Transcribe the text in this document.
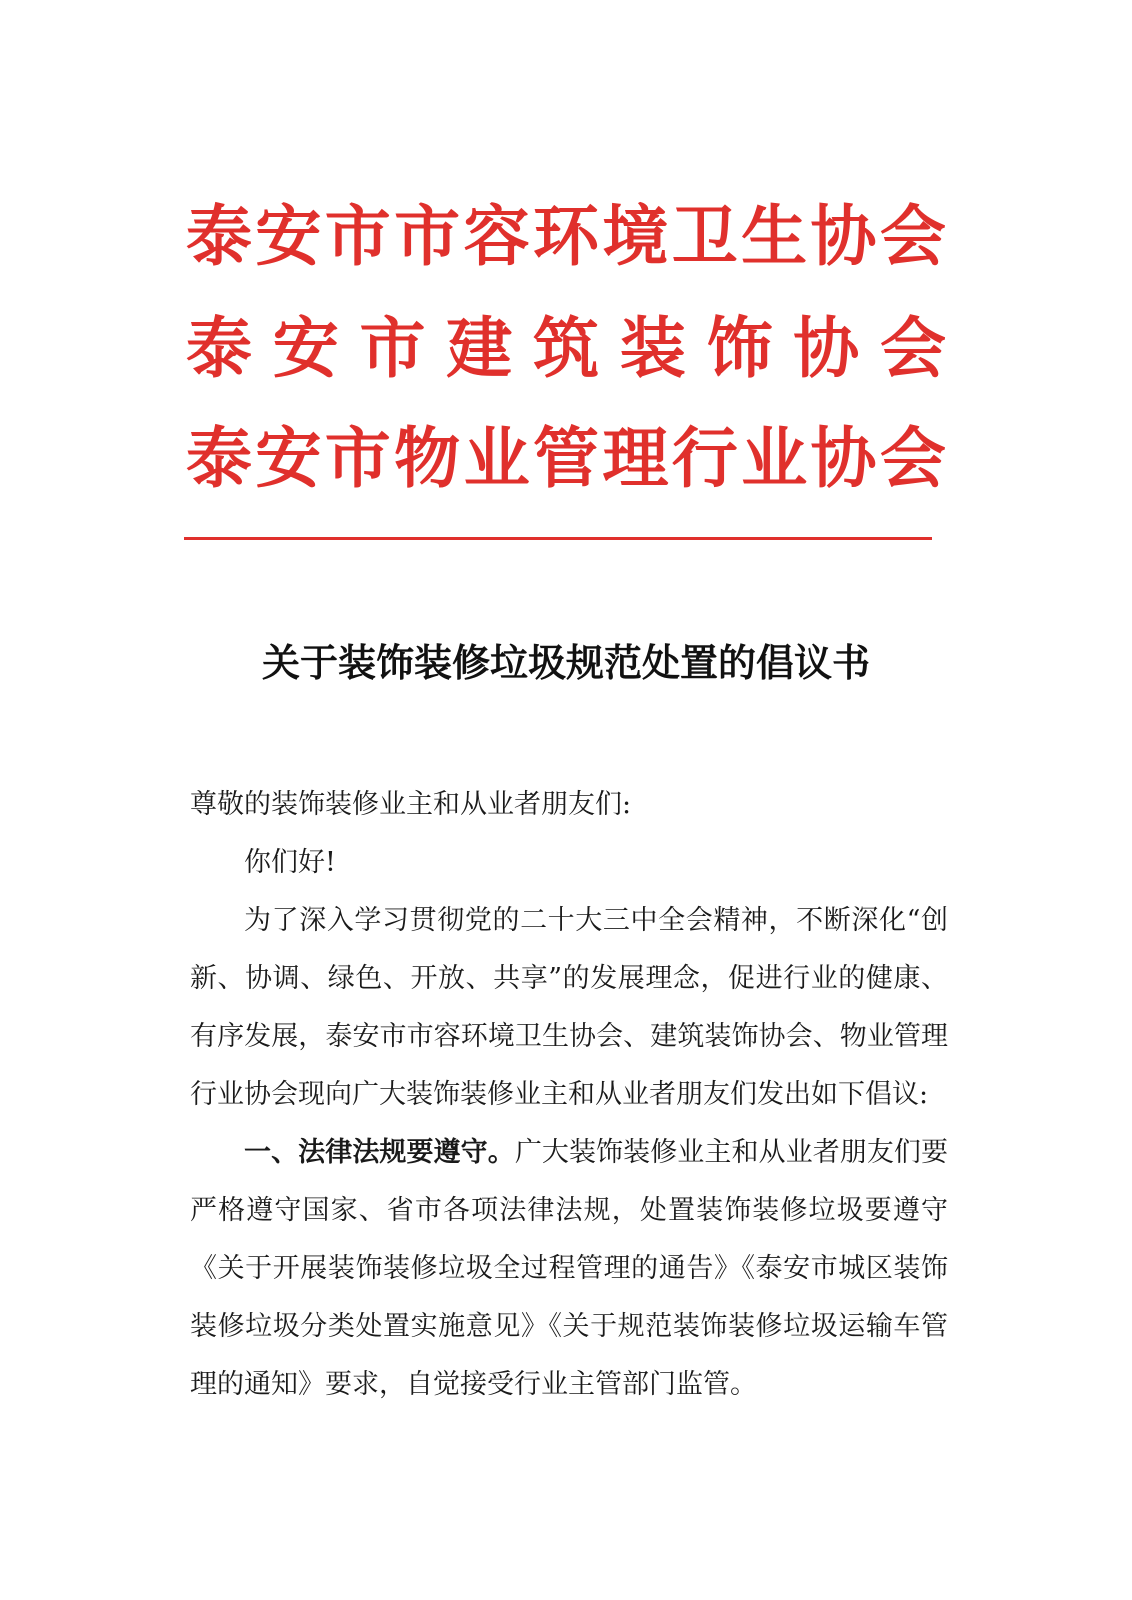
泰 安 市 市 容 环 境 卫 生 协 会
泰 安 市 建 筑 装 饰 协 会
泰 安 市 物 业 管 理 行 业 协 会
关于装饰装修垃圾规范处置的倡议书

尊敬的装饰装修业主和从业者朋友们:

你们好!

为了深入学习贯彻党的二十大三中全会精神，不断深化“创新、协调、绿色、开放、共享”的发展理念，促进行业的健康、有序发展，泰安市市容环境卫生协会、建筑装饰协会、物业管理行业协会现向广大装饰装修业主和从业者朋友们发出如下倡议:

一、法律法规要遵守。广大装饰装修业主和从业者朋友们要严格遵守国家、省市各项法律法规，处置装饰装修垃圾要遵守《关于开展装饰装修垃圾全过程管理的通告》《泰安市城区装饰装修垃圾分类处置实施意见》《关于规范装饰装修垃圾运输车管理的通知》要求，自觉接受行业主管部门监管。
